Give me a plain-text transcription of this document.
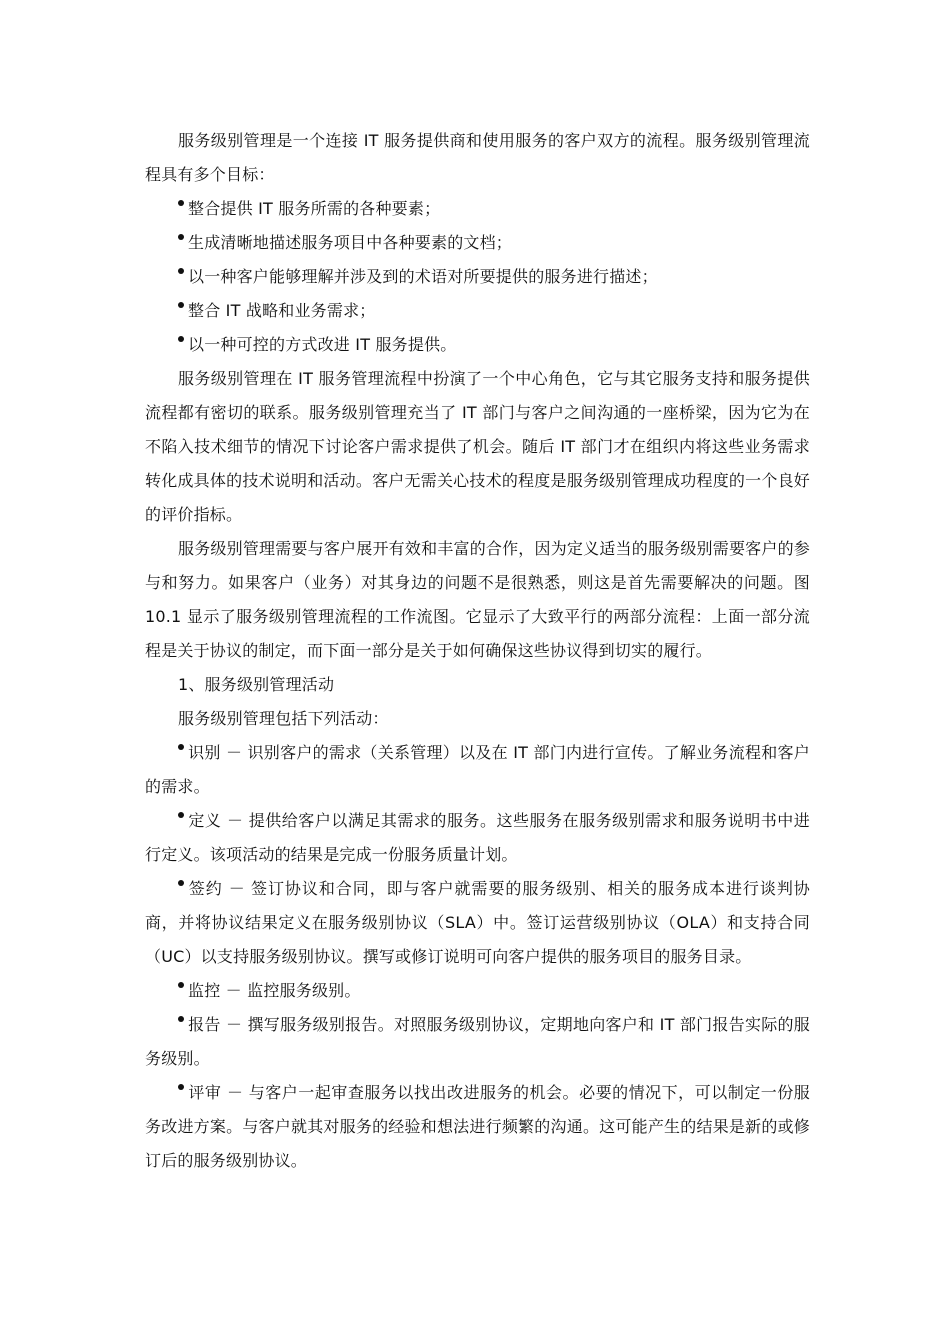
服务级别管理是一个连接 IT 服务提供商和使用服务的客户双方的流程。服务级别管理流程具有多个目标：

整合提供 IT 服务所需的各种要素；

生成清晰地描述服务项目中各种要素的文档；

以一种客户能够理解并涉及到的术语对所要提供的服务进行描述；

整合 IT 战略和业务需求；

以一种可控的方式改进 IT 服务提供。

服务级别管理在 IT 服务管理流程中扮演了一个中心角色，它与其它服务支持和服务提供流程都有密切的联系。服务级别管理充当了 IT 部门与客户之间沟通的一座桥梁，因为它为在不陷入技术细节的情况下讨论客户需求提供了机会。随后 IT 部门才在组织内将这些业务需求转化成具体的技术说明和活动。客户无需关心技术的程度是服务级别管理成功程度的一个良好的评价指标。

服务级别管理需要与客户展开有效和丰富的合作，因为定义适当的服务级别需要客户的参与和努力。如果客户（业务）对其身边的问题不是很熟悉，则这是首先需要解决的问题。图 10.1 显示了服务级别管理流程的工作流图。它显示了大致平行的两部分流程：上面一部分流程是关于协议的制定，而下面一部分是关于如何确保这些协议得到切实的履行。

1、服务级别管理活动

服务级别管理包括下列活动：

识别 － 识别客户的需求（关系管理）以及在 IT 部门内进行宣传。了解业务流程和客户的需求。

定义 － 提供给客户以满足其需求的服务。这些服务在服务级别需求和服务说明书中进行定义。该项活动的结果是完成一份服务质量计划。

签约 － 签订协议和合同，即与客户就需要的服务级别、相关的服务成本进行谈判协商，并将协议结果定义在服务级别协议（SLA）中。签订运营级别协议（OLA）和支持合同（UC）以支持服务级别协议。撰写或修订说明可向客户提供的服务项目的服务目录。

监控 － 监控服务级别。

报告 － 撰写服务级别报告。对照服务级别协议，定期地向客户和 IT 部门报告实际的服务级别。

评审 － 与客户一起审查服务以找出改进服务的机会。必要的情况下，可以制定一份服务改进方案。与客户就其对服务的经验和想法进行频繁的沟通。这可能产生的结果是新的或修订后的服务级别协议。
